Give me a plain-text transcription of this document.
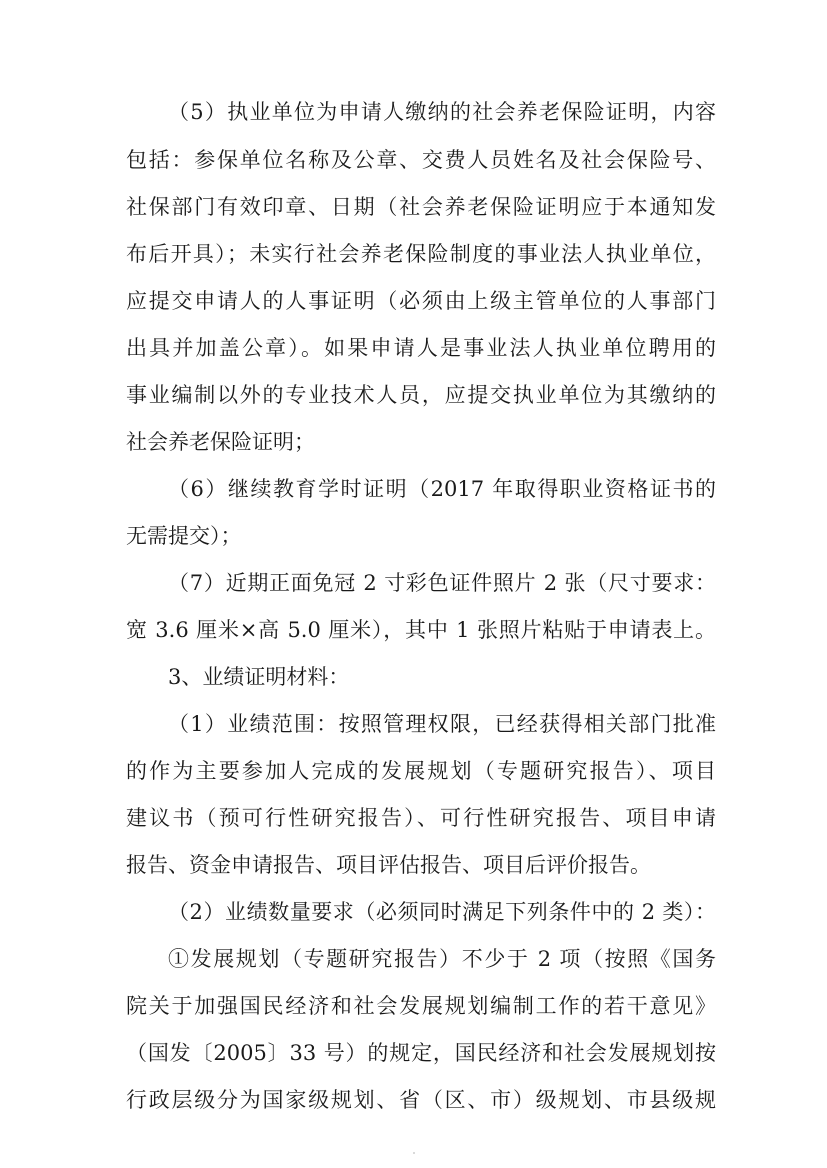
（5）执业单位为申请人缴纳的社会养老保险证明，内容
包括：参保单位名称及公章、交费人员姓名及社会保险号、
社保部门有效印章、日期（社会养老保险证明应于本通知发
布后开具）；未实行社会养老保险制度的事业法人执业单位，
应提交申请人的人事证明（必须由上级主管单位的人事部门
出具并加盖公章）。如果申请人是事业法人执业单位聘用的
事业编制以外的专业技术人员，应提交执业单位为其缴纳的
社会养老保险证明；
（6）继续教育学时证明（2017 年取得职业资格证书的
无需提交）；
（7）近期正面免冠 2 寸彩色证件照片 2 张（尺寸要求：
宽 3.6 厘米×高 5.0 厘米），其中 1 张照片粘贴于申请表上。
3、业绩证明材料：
（1）业绩范围：按照管理权限，已经获得相关部门批准
的作为主要参加人完成的发展规划（专题研究报告）、项目
建议书（预可行性研究报告）、可行性研究报告、项目申请
报告、资金申请报告、项目评估报告、项目后评价报告。
（2）业绩数量要求（必须同时满足下列条件中的 2 类）：
①发展规划（专题研究报告）不少于 2 项（按照《国务
院关于加强国民经济和社会发展规划编制工作的若干意见》
（国发〔2005〕33 号）的规定，国民经济和社会发展规划按
行政层级分为国家级规划、省（区、市）级规划、市县级规
